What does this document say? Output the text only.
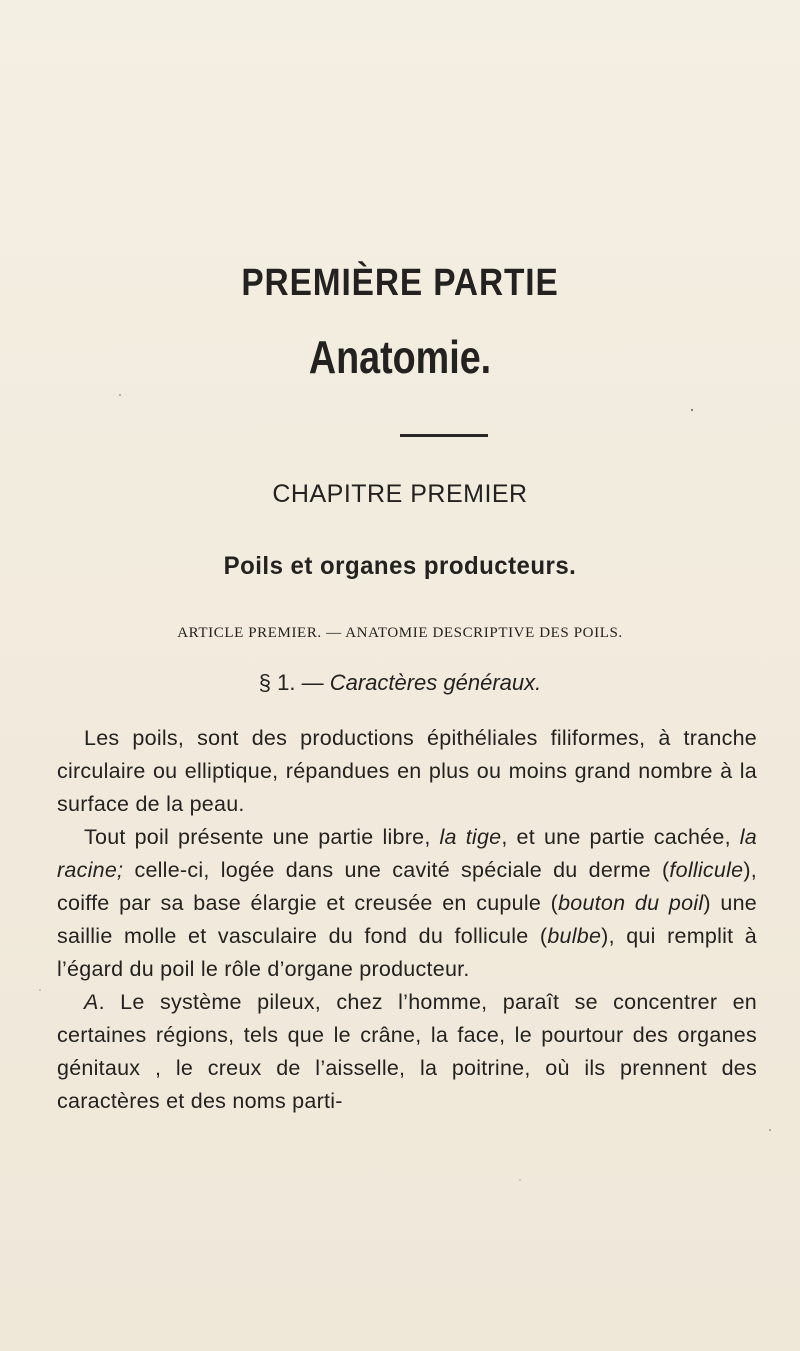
PREMIÈRE PARTIE
Anatomie.
CHAPITRE PREMIER
Poils et organes producteurs.
ARTICLE PREMIER. — ANATOMIE DESCRIPTIVE DES POILS.
§ 1. — Caractères généraux.

Les poils, sont des productions épithéliales filiformes, à tranche circulaire ou elliptique, répandues en plus ou moins grand nombre à la surface de la peau.

Tout poil présente une partie libre, la tige, et une partie cachée, la racine; celle-ci, logée dans une cavité spéciale du derme (follicule), coiffe par sa base élargie et creusée en cupule (bouton du poil) une saillie molle et vasculaire du fond du follicule (bulbe), qui remplit à l’égard du poil le rôle d’organe producteur.

A. Le système pileux, chez l’homme, paraît se concentrer en certaines régions, tels que le crâne, la face, le pourtour des organes génitaux , le creux de l’aisselle, la poitrine, où ils prennent des caractères et des noms parti-
